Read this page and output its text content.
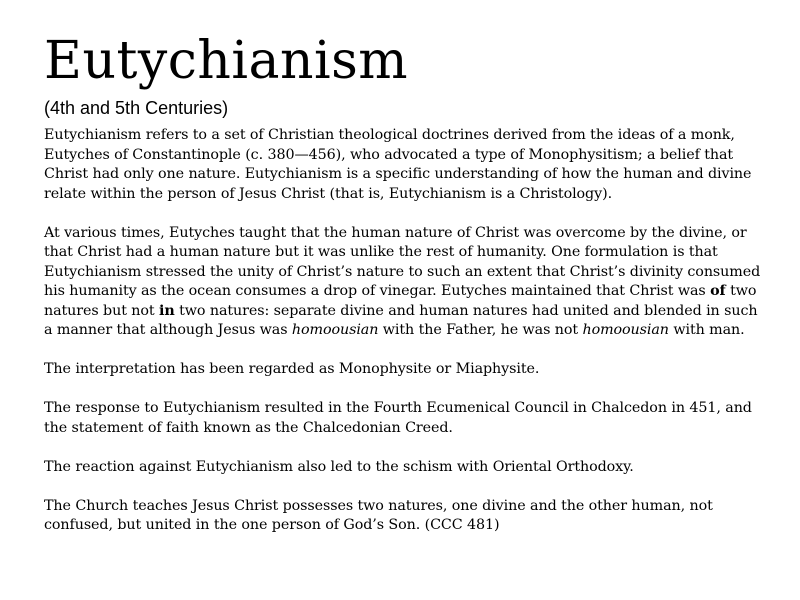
Eutychianism
(4th and 5th Centuries)

Eutychianism refers to a set of Christian theological doctrines derived from the ideas of a monk, Eutyches of Constantinople (c. 380—456), who advocated a type of Monophysitism; a belief that Christ had only one nature. Eutychianism is a specific understanding of how the human and divine relate within the person of Jesus Christ (that is, Eutychianism is a Christology).

At various times, Eutyches taught that the human nature of Christ was overcome by the divine, or that Christ had a human nature but it was unlike the rest of humanity. One formulation is that Eutychianism stressed the unity of Christ’s nature to such an extent that Christ’s divinity consumed his humanity as the ocean consumes a drop of vinegar. Eutyches maintained that Christ was of two natures but not in two natures: separate divine and human natures had united and blended in such a manner that although Jesus was homoousian with the Father, he was not homoousian with man.

The interpretation has been regarded as Monophysite or Miaphysite.

The response to Eutychianism resulted in the Fourth Ecumenical Council in Chalcedon in 451, and the statement of faith known as the Chalcedonian Creed.

The reaction against Eutychianism also led to the schism with Oriental Orthodoxy.

The Church teaches Jesus Christ possesses two natures, one divine and the other human, not confused, but united in the one person of God’s Son. (CCC 481)
